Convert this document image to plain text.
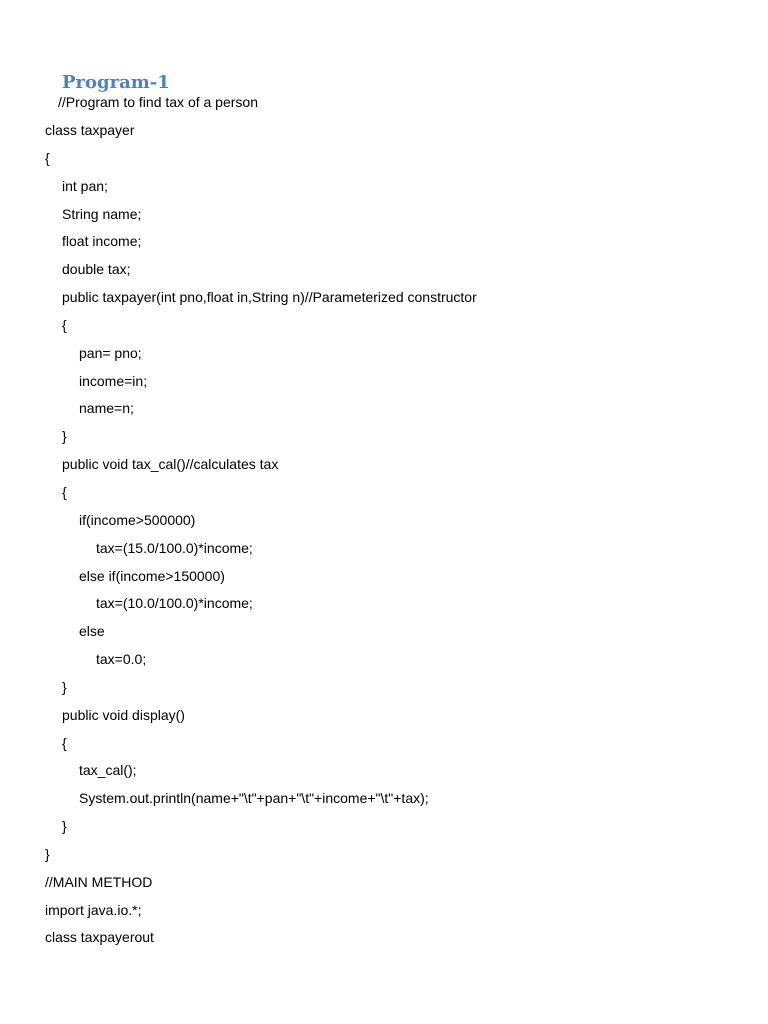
Program-1
//Program to find tax of a person
class taxpayer
{
int pan;
String name;
float income;
double tax;
public taxpayer(int pno,float in,String n)//Parameterized constructor
{
pan= pno;
income=in;
name=n;
}
public void tax_cal()//calculates tax
{
if(income>500000)
tax=(15.0/100.0)*income;
else if(income>150000)
tax=(10.0/100.0)*income;
else
tax=0.0;
}
public void display()
{
tax_cal();
System.out.println(name+"\t"+pan+"\t"+income+"\t"+tax);
}
}
//MAIN METHOD
import java.io.*;
class taxpayerout
